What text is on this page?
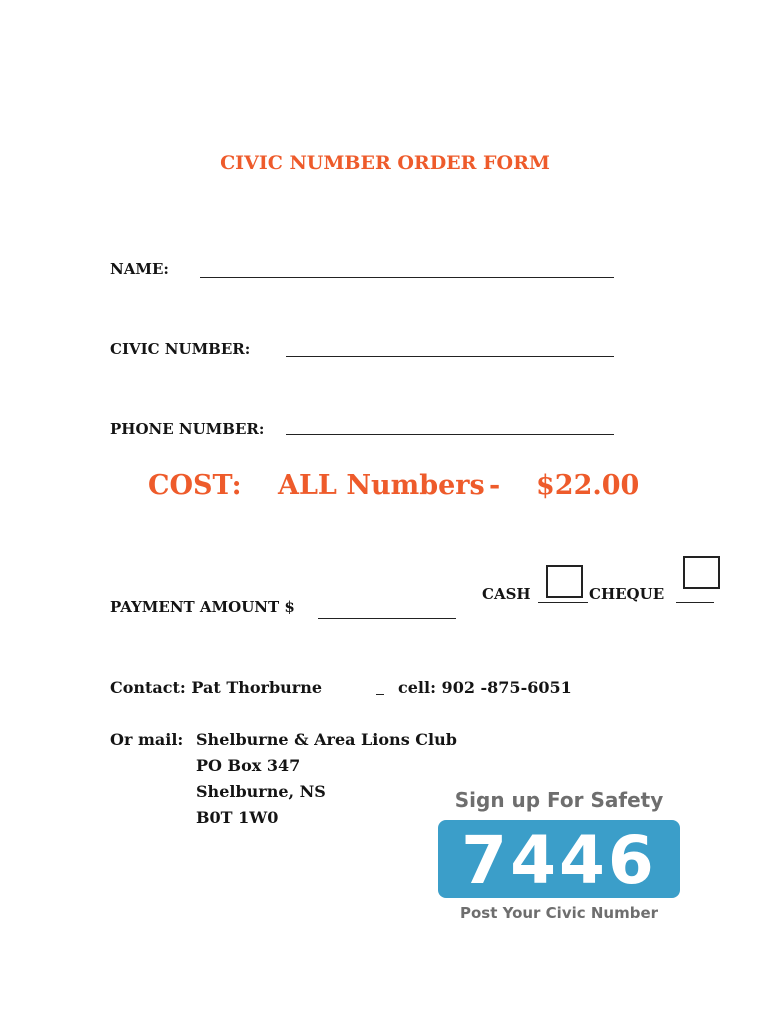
CIVIC NUMBER ORDER FORM
NAME:
CIVIC NUMBER:
PHONE NUMBER:
COST: ALL Numbers - $22.00
PAYMENT AMOUNT $
CASH	CHEQUE
Contact: Pat Thorburne	cell: 902 -875-6051
Or mail: Shelburne & Area Lions Club
PO Box 347
Shelburne, NS
B0T 1W0
Sign up For Safety
7446
Post Your Civic Number
